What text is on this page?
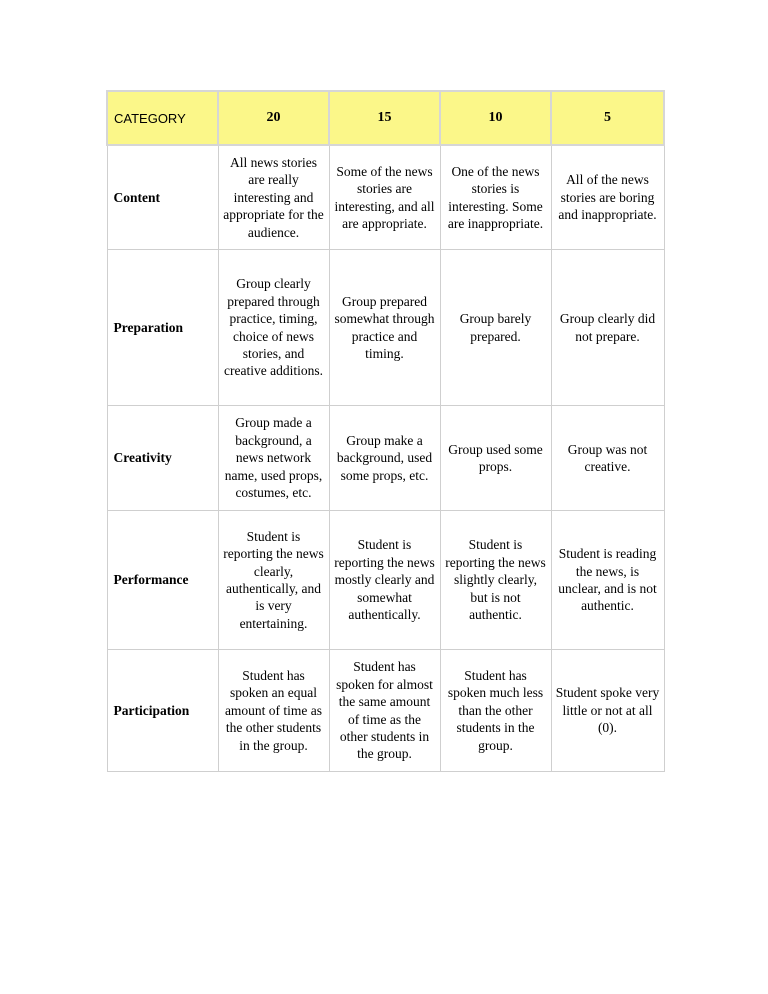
CATEGORY	20	15	10	5
Content	All news stories are really interesting and appropriate for the audience.	Some of the news stories are interesting, and all are appropriate.	One of the news stories is interesting. Some are inappropriate.	All of the news stories are boring and inappropriate.
Preparation	Group clearly prepared through practice, timing, choice of news stories, and creative additions.	Group prepared somewhat through practice and timing.	Group barely prepared.	Group clearly did not prepare.
Creativity	Group made a background, a news network name, used props, costumes, etc.	Group make a background, used some props, etc.	Group used some props.	Group was not creative.
Performance	Student is reporting the news clearly, authentically, and is very entertaining.	Student is reporting the news mostly clearly and somewhat authentically.	Student is reporting the news slightly clearly, but is not authentic.	Student is reading the news, is unclear, and is not authentic.
Participation	Student has spoken an equal amount of time as the other students in the group.	Student has spoken for almost the same amount of time as the other students in the group.	Student has spoken much less than the other students in the group.	Student spoke very little or not at all (0).
